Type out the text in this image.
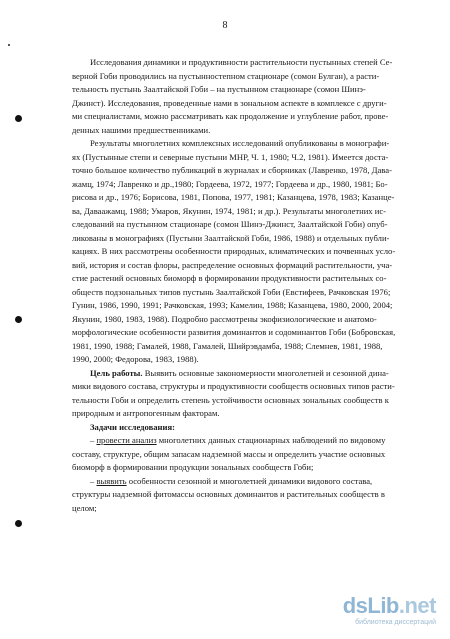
8
Исследования динамики и продуктивности растительности пустынных степей Се-
верной Гоби проводились на пустынностепном стационаре (сомон Булган), а расти-
тельность пустынь Заалтайской Гоби – на пустынном стационаре (сомон Шинэ-
Джинст). Исследования, проведенные нами в зональном аспекте в комплексе с други-
ми специалистами, можно рассматривать как продолжение и углубление работ, прове-
денных нашими предшественниками.
Результаты многолетних комплексных исследований опубликованы в монографи-
ях (Пустынные степи и северные пустыни МНР, Ч. 1, 1980; Ч.2, 1981). Имеется доста-
точно большое количество публикаций в журналах и сборниках (Лавренко, 1978, Дава-
жамц, 1974; Лавренко и др.,1980; Гордеева, 1972, 1977; Гордеева и др., 1980, 1981; Бо-
рисова и др., 1976; Борисова, 1981, Попова, 1977, 1981; Казанцева, 1978, 1983; Казанце-
ва, Даваажамц, 1988; Умаров, Якунин, 1974, 1981; и др.). Результаты многолетних ис-
следований на пустынном стационаре (сомон Шинэ-Джинст, Заалтайской Гоби) опуб-
ликованы в монографиях (Пустыни Заалтайской Гоби, 1986, 1988) и отдельных публи-
кациях. В них рассмотрены особенности природных, климатических и почвенных усло-
вий, история и состав флоры, распределение основных формаций растительности, уча-
стие растений основных биоморф в формировании продуктивности растительных со-
обществ подзональных типов пустынь Заалтайской Гоби (Евстифеев, Рачковская 1976;
Гунин, 1986, 1990, 1991; Рачковская, 1993; Камелин, 1988; Казанцева, 1980, 2000, 2004;
Якунин, 1980, 1983, 1988). Подробно рассмотрены экофизиологические и анатомо-
морфологические особенности развития доминантов и содоминантов Гоби (Бобровская,
1981, 1990, 1988; Гамалей, 1988, Гамалей, Шийрэвдамба, 1988; Слемнев, 1981, 1988,
1990, 2000; Федорова, 1983, 1988).
Цель работы. Выявить основные закономерности многолетней и сезонной дина-
мики видового состава, структуры и продуктивности сообществ основных типов расти-
тельности Гоби и определить степень устойчивости основных зональных сообществ к
природным и антропогенным факторам.
Задачи исследования:
– провести анализ многолетних данных стационарных наблюдений по видовому
составу, структуре, общим запасам надземной массы и определить участие основных
биоморф в формировании продукции зональных сообществ Гоби;
– выявить особенности сезонной и многолетней динамики видового состава,
структуры надземной фитомассы основных доминантов и растительных сообществ в
целом;
dsLib.net
библиотека диссертаций
